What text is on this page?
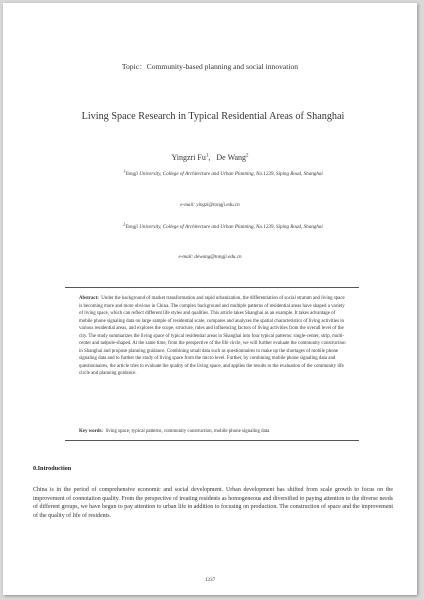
Topic：Community-based planning and social innovation
Living Space Research in Typical Residential Areas of Shanghai
Yingzri Fu$^1$,   De Wang$^2$
$^1$Tongji University, College of Architecture and Urban Planning, No.1239, Siping Road, Shanghai
e-mail: yingzi@tongji.edu.cn
$^2$Tongji University, College of Architecture and Urban Planning, No.1239, Siping Road, Shanghai
e-mail: dewang@tongji.edu.cn
Abstract: Under the background of market transformation and rapid urbanization, the differentiation of social stratum and living space is becoming more and more obvious in China. The complex background and multiple patterns of residential areas have shaped a variety of living space, which can reflect different life styles and qualities. This article takes Shanghai as an example. It takes advantage of mobile phone signaling data on large sample of residential scale, compares and analyzes the spatial characteristics of living activities in various residential areas, and explores the scope, structure, rules and influencing factors of living activities from the overall level of the city. The study summarizes the living space of typical residential areas in Shanghai into four typical patterns: single-center, strip, multi-center and tadpole-shaped. At the same time, from the perspective of the life circle, we will further evaluate the community construction in Shanghai and propose planning guidance. Combining small data such as questionnaires to make up the shortages of mobile phone signaling data and to further the study of living space from the micro level. Further, by combining mobile phone signaling data and questionnaires, the article tries to evaluate the quality of the living space, and applies the results to the evaluation of the community life circle and planning guidance.
Key words: living space, typical patterns, community construction, mobile phone signaling data
0.Introduction
China is in the period of comprehensive economic and social development. Urban development has shifted from scale growth to focus on the improvement of connotation quality. From the perspective of treating residents as homogeneous and diversified to paying attention to the diverse needs of different groups, we have begun to pay attention to urban life in addition to focusing on production. The construction of space and the improvement of the quality of life of residents.
1337
